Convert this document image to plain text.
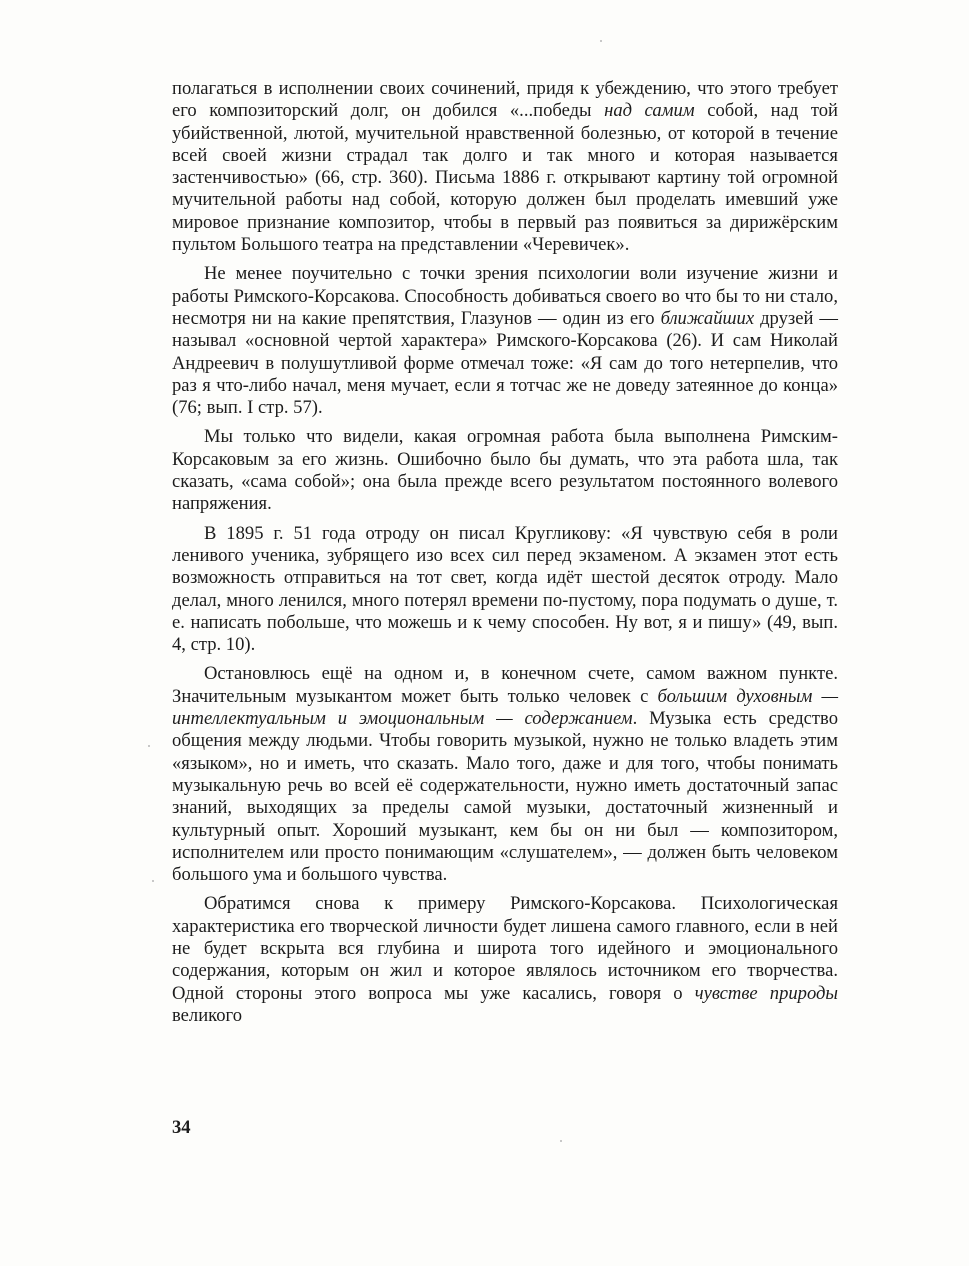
полагаться в исполнении своих сочинений, придя к убеждению, что этого требует его композиторский долг, он добился «...победы над самим собой, над той убийственной, лютой, мучительной нравственной болезнью, от которой в течение всей своей жизни страдал так долго и так много и которая называется застенчивостью» (66, стр. 360). Письма 1886 г. открывают картину той огромной мучительной работы над собой, которую должен был проделать имевший уже мировое признание композитор, чтобы в первый раз появиться за дирижёрским пультом Большого театра на представлении «Черевичек».

Не менее поучительно с точки зрения психологии воли изучение жизни и работы Римского-Корсакова. Способность добиваться своего во что бы то ни стало, несмотря ни на какие препятствия, Глазунов — один из его ближайших друзей — называл «основной чертой характера» Римского-Корсакова (26). И сам Николай Андреевич в полушутливой форме отмечал тоже: «Я сам до того нетерпелив, что раз я что-либо начал, меня мучает, если я тотчас же не доведу затеянное до конца» (76; вып. I стр. 57).

Мы только что видели, какая огромная работа была выполнена Римским-Корсаковым за его жизнь. Ошибочно было бы думать, что эта работа шла, так сказать, «сама собой»; она была прежде всего результатом постоянного волевого напряжения.

В 1895 г. 51 года отроду он писал Кругликову: «Я чувствую себя в роли ленивого ученика, зубрящего изо всех сил перед экзаменом. А экзамен этот есть возможность отправиться на тот свет, когда идёт шестой десяток отроду. Мало делал, много ленился, много потерял времени по-пустому, пора подумать о душе, т. е. написать побольше, что можешь и к чему способен. Ну вот, я и пишу» (49, вып. 4, стр. 10).

Остановлюсь ещё на одном и, в конечном счете, самом важном пункте. Значительным музыкантом может быть только человек с большим духовным — интеллектуальным и эмоциональным — содержанием. Музыка есть средство общения между людьми. Чтобы говорить музыкой, нужно не только владеть этим «языком», но и иметь, что сказать. Мало того, даже и для того, чтобы понимать музыкальную речь во всей её содержательности, нужно иметь достаточный запас знаний, выходящих за пределы самой музыки, достаточный жизненный и культурный опыт. Хороший музыкант, кем бы он ни был — композитором, исполнителем или просто понимающим «слушателем», — должен быть человеком большого ума и большого чувства.

Обратимся снова к примеру Римского-Корсакова. Психологическая характеристика его творческой личности будет лишена самого главного, если в ней не будет вскрыта вся глубина и широта того идейного и эмоционального содержания, которым он жил и которое являлось источником его творчества. Одной стороны этого вопроса мы уже касались, говоря о чувстве природы великого

34
